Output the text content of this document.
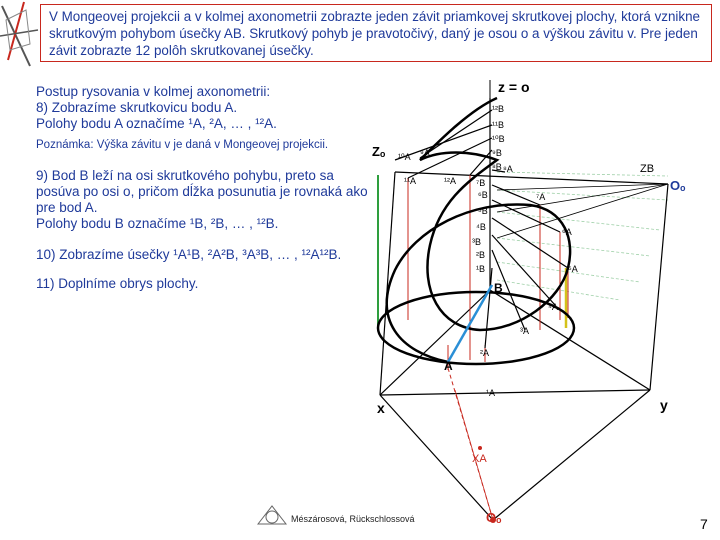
V Mongeovej projekcii a v kolmej axonometrii zobrazte jeden závit priamkovej skrutkovej plochy, ktorá vznikne skrutkovým pohybom úsečky AB. Skrutkový pohyb je pravotočivý, daný je osou o a výškou závitu v. Pre jeden závit zobrazte 12 polôh skrutkovanej úsečky.

Postup rysovania v kolmej axonometrii:

8) Zobrazíme skrutkovicu bodu A.

Polohy bodu A označíme ¹A, ²A, … , ¹²A.

Poznámka: Výška závitu v je daná v Mongeovej projekcii.

9) Bod B leží na osi skrutkového pohybu, preto sa posúva po osi o, pričom dĺžka posunutia je rovnaká ako pre bod A.

Polohy bodu B označíme ¹B, ²B, … , ¹²B.

10) Zobrazíme úsečky ¹A¹B, ²A²B, ³A³B, … , ¹²A¹²B.

11) Doplníme obrys plochy.

z = o
Zₒ
ZB
Oₒ
Oₒ
x	y
XA
A
B
¹²B
¹¹B
¹⁰B
⁹B
⁸B
⁷B
⁶B
⁵B
⁴B
³B
²B
¹B
¹⁰A ⁹A
¹¹A	¹²A
⁸A
⁷A
⁶A
⁵A
⁴A
³A
²A
¹A
Mészárosová, Rückschlossová	7
